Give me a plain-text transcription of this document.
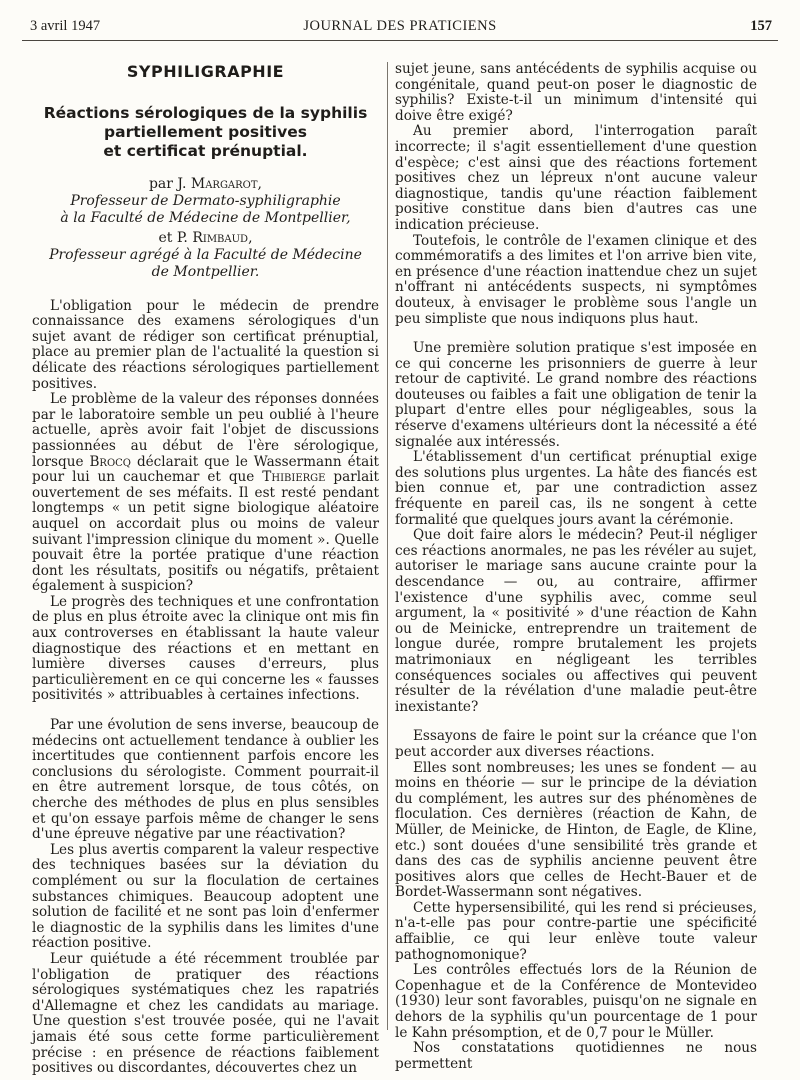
3 avril 1947	JOURNAL DES PRATICIENS	157
SYPHILIGRAPHIE
Réactions sérologiques de la syphilis
partiellement positives
et certificat prénuptial.

par J. Margarot,

Professeur de Dermato-syphiligraphie

à la Faculté de Médecine de Montpellier,

et P. Rimbaud,

Professeur agrégé à la Faculté de Médecine

de Montpellier.

L'obligation pour le médecin de prendre connaissance des examens sérologiques d'un sujet avant de rédiger son certificat prénuptial, place au premier plan de l'actualité la question si délicate des réactions sérologiques partiellement positives.

Le problème de la valeur des réponses données par le laboratoire semble un peu oublié à l'heure actuelle, après avoir fait l'objet de discussions passionnées au début de l'ère sérologique, lorsque Brocq déclarait que le Wassermann était pour lui un cauchemar et que Thibierge parlait ouvertement de ses méfaits. Il est resté pendant longtemps « un petit signe biologique aléatoire auquel on accordait plus ou moins de valeur suivant l'impression clinique du moment ». Quelle pouvait être la portée pratique d'une réaction dont les résultats, positifs ou négatifs, prêtaient également à suspicion?

Le progrès des techniques et une confrontation de plus en plus étroite avec la clinique ont mis fin aux controverses en établissant la haute valeur diagnostique des réactions et en mettant en lumière diverses causes d'erreurs, plus particulièrement en ce qui concerne les « fausses positivités » attribuables à certaines infections.

Par une évolution de sens inverse, beaucoup de médecins ont actuellement tendance à oublier les incertitudes que contiennent parfois encore les conclusions du sérologiste. Comment pourrait-il en être autrement lorsque, de tous côtés, on cherche des méthodes de plus en plus sensibles et qu'on essaye parfois même de changer le sens d'une épreuve négative par une réactivation?

Les plus avertis comparent la valeur respective des techniques basées sur la déviation du complément ou sur la floculation de certaines substances chimiques. Beaucoup adoptent une solution de facilité et ne sont pas loin d'enfermer le diagnostic de la syphilis dans les limites d'une réaction positive.

Leur quiétude a été récemment troublée par l'obligation de pratiquer des réactions sérologiques systématiques chez les rapatriés d'Allemagne et chez les candidats au mariage. Une question s'est trouvée posée, qui ne l'avait jamais été sous cette forme particulièrement précise : en présence de réactions faiblement positives ou discordantes, découvertes chez un

sujet jeune, sans antécédents de syphilis acquise ou congénitale, quand peut-on poser le diagnostic de syphilis? Existe-t-il un minimum d'intensité qui doive être exigé?

Au premier abord, l'interrogation paraît incorrecte; il s'agit essentiellement d'une question d'espèce; c'est ainsi que des réactions fortement positives chez un lépreux n'ont aucune valeur diagnostique, tandis qu'une réaction faiblement positive constitue dans bien d'autres cas une indication précieuse.

Toutefois, le contrôle de l'examen clinique et des commémoratifs a des limites et l'on arrive bien vite, en présence d'une réaction inattendue chez un sujet n'offrant ni antécédents suspects, ni symptômes douteux, à envisager le problème sous l'angle un peu simpliste que nous indiquons plus haut.

Une première solution pratique s'est imposée en ce qui concerne les prisonniers de guerre à leur retour de captivité. Le grand nombre des réactions douteuses ou faibles a fait une obligation de tenir la plupart d'entre elles pour négligeables, sous la réserve d'examens ultérieurs dont la nécessité a été signalée aux intéressés.

L'établissement d'un certificat prénuptial exige des solutions plus urgentes. La hâte des fiancés est bien connue et, par une contradiction assez fréquente en pareil cas, ils ne songent à cette formalité que quelques jours avant la cérémonie.

Que doit faire alors le médecin? Peut-il négliger ces réactions anormales, ne pas les révéler au sujet, autoriser le mariage sans aucune crainte pour la descendance — ou, au contraire, affirmer l'existence d'une syphilis avec, comme seul argument, la « positivité » d'une réaction de Kahn ou de Meinicke, entreprendre un traitement de longue durée, rompre brutalement les projets matrimoniaux en négligeant les terribles conséquences sociales ou affectives qui peuvent résulter de la révélation d'une maladie peut-être inexistante?

Essayons de faire le point sur la créance que l'on peut accorder aux diverses réactions.

Elles sont nombreuses; les unes se fondent — au moins en théorie — sur le principe de la déviation du complément, les autres sur des phénomènes de floculation. Ces dernières (réaction de Kahn, de Müller, de Meinicke, de Hinton, de Eagle, de Kline, etc.) sont douées d'une sensibilité très grande et dans des cas de syphilis ancienne peuvent être positives alors que celles de Hecht-Bauer et de Bordet-Wassermann sont négatives.

Cette hypersensibilité, qui les rend si précieuses, n'a-t-elle pas pour contre-partie une spécificité affaiblie, ce qui leur enlève toute valeur pathognomonique?

Les contrôles effectués lors de la Réunion de Copenhague et de la Conférence de Montevideo (1930) leur sont favorables, puisqu'on ne signale en dehors de la syphilis qu'un pourcentage de 1 pour le Kahn présomption, et de 0,7 pour le Müller.

Nos constatations quotidiennes ne nous permettent
